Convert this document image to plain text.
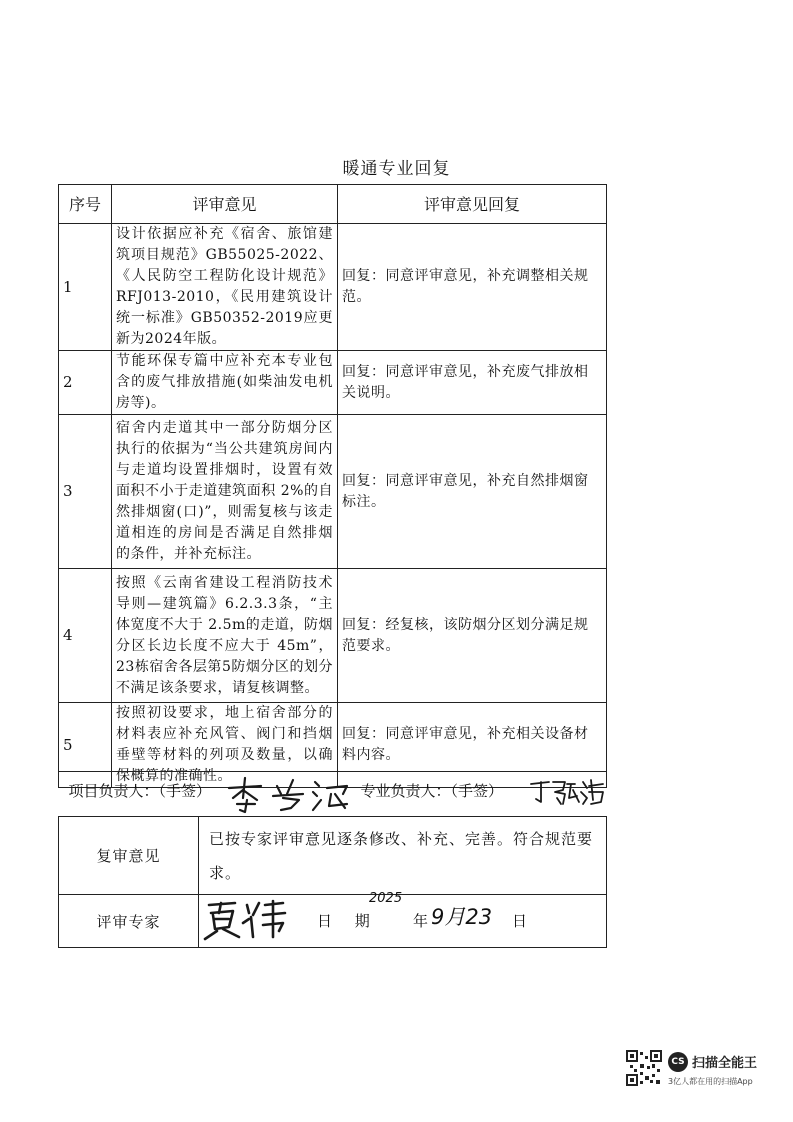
暖通专业回复
序号	评审意见	评审意见回复
1	设计依据应补充《宿舍、旅馆建筑项目规范》GB55025-2022、《人民防空工程防化设计规范》RFJ013-2010，《民用建筑设计统一标准》GB50352-2019应更新为2024年版。	回复：同意评审意见，补充调整相关规范。
2	节能环保专篇中应补充本专业包含的废气排放措施(如柴油发电机房等)。	回复：同意评审意见，补充废气排放相关说明。
3	宿舍内走道其中一部分防烟分区执行的依据为“当公共建筑房间内与走道均设置排烟时，设置有效面积不小于走道建筑面积 2%的自然排烟窗(口)”，则需复核与该走道相连的房间是否满足自然排烟的条件，并补充标注。	回复：同意评审意见，补充自然排烟窗标注。
4	按照《云南省建设工程消防技术导则—建筑篇》6.2.3.3条，“主体宽度不大于 2.5m的走道，防烟分区长边长度不应大于 45m”，23栋宿舍各层第5防烟分区的划分不满足该条要求，请复核调整。	回复：经复核，该防烟分区划分满足规范要求。
5	按照初设要求，地上宿舍部分的材料表应补充风管、阀门和挡烟垂壁等材料的列项及数量，以确保概算的准确性。	回复：同意评审意见，补充相关设备材料内容。
项目负责人：（手签） 专业负责人：（手签）	

复审意见	已按专家评审意见逐条修改、补充、完善。符合规范要求。
评审专家	日 期
2025
年 9月23 日
CS 扫描全能王
3亿人都在用的扫描App
